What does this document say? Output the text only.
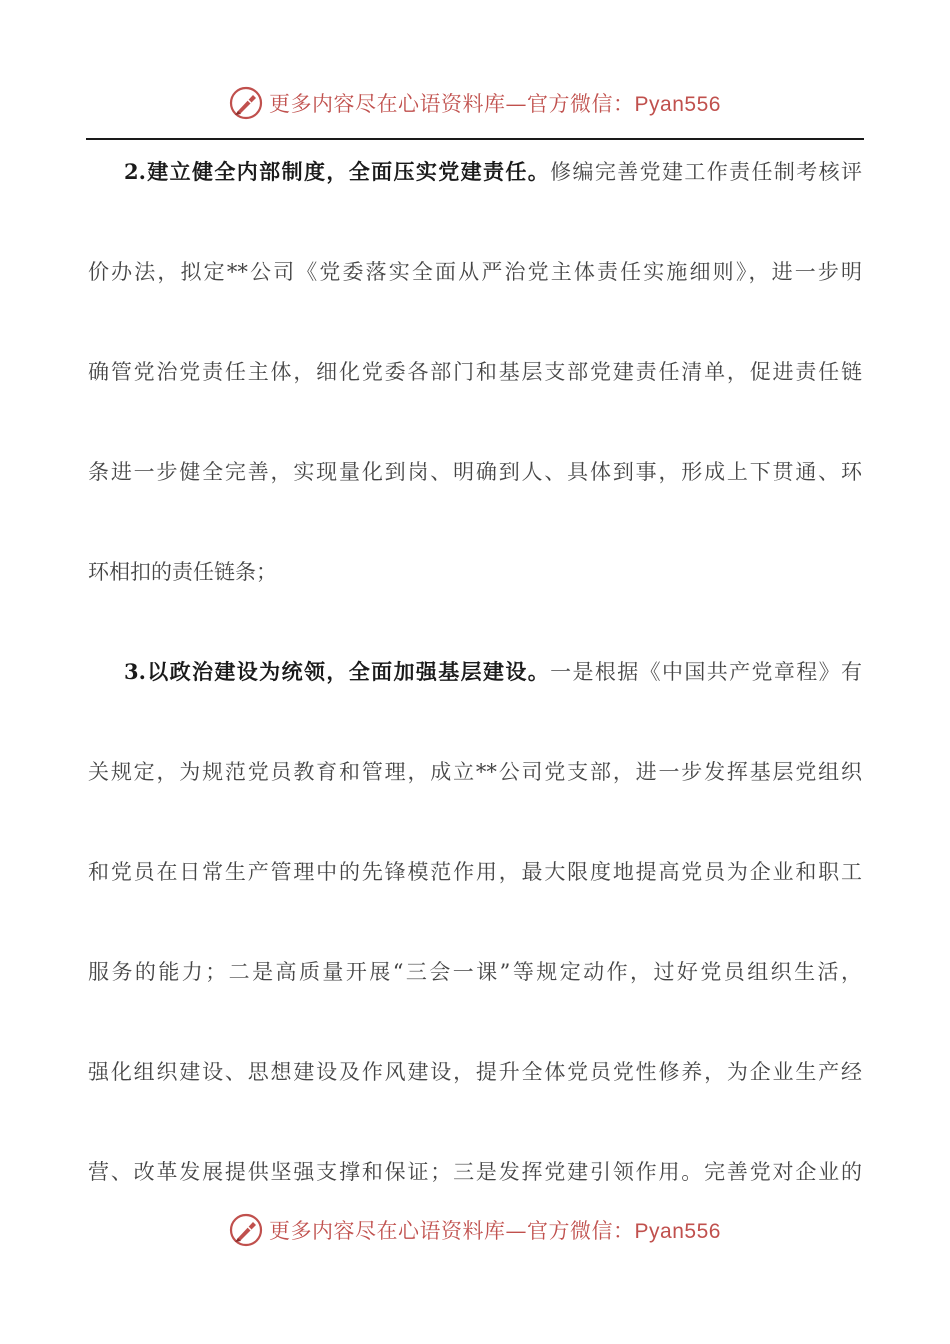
更多内容尽在心语资料库—官方微信：Pyan556
2.建立健全内部制度，全面压实党建责任。修编完善党建工作责任制考核评
价办法，拟定**公司《党委落实全面从严治党主体责任实施细则》，进一步明
确管党治党责任主体，细化党委各部门和基层支部党建责任清单，促进责任链
条进一步健全完善，实现量化到岗、明确到人、具体到事，形成上下贯通、环
环相扣的责任链条；
3.以政治建设为统领，全面加强基层建设。一是根据《中国共产党章程》有
关规定，为规范党员教育和管理，成立**公司党支部，进一步发挥基层党组织
和党员在日常生产管理中的先锋模范作用，最大限度地提高党员为企业和职工
服务的能力；二是高质量开展“三会一课”等规定动作，过好党员组织生活，
强化组织建设、思想建设及作风建设，提升全体党员党性修养，为企业生产经
营、改革发展提供坚强支撑和保证；三是发挥党建引领作用。完善党对企业的
更多内容尽在心语资料库—官方微信：Pyan556
